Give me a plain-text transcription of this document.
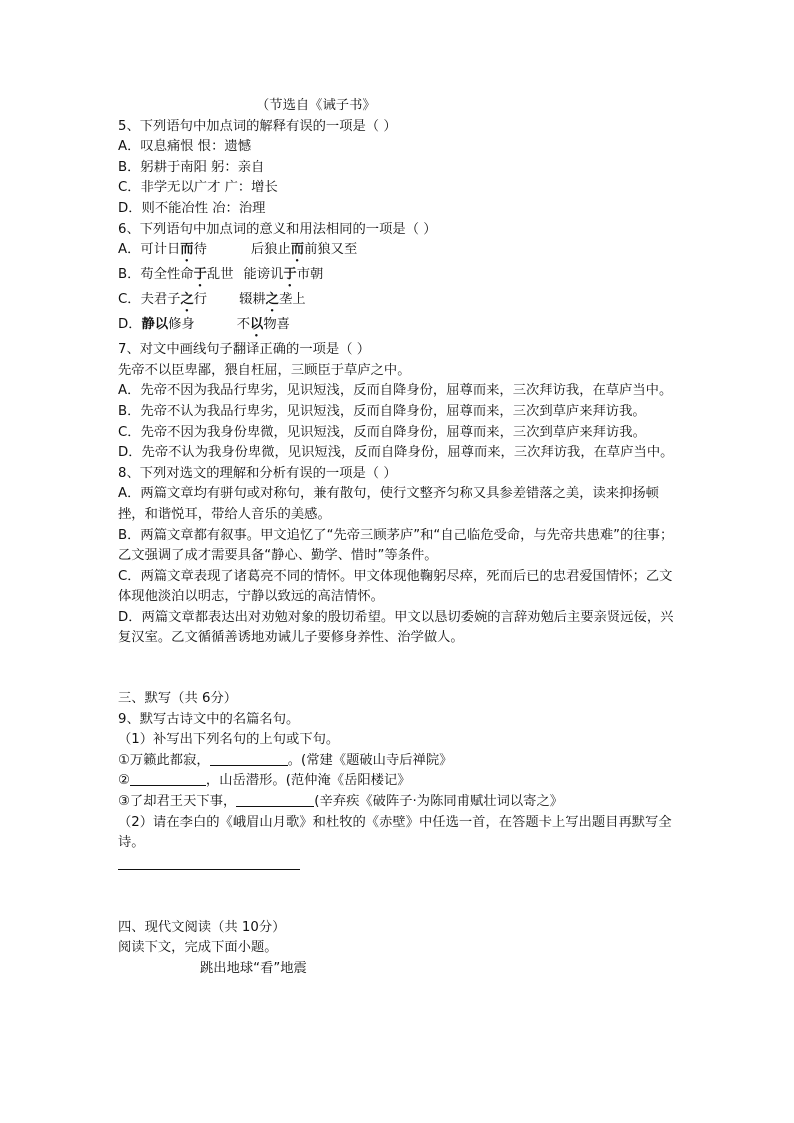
（节选自《诫子书》
5、下列语句中加点词的解释有误的一项是（ ）
A．叹息痛恨 恨：遗憾
B．躬耕于南阳 躬：亲自
C．非学无以广才 广：增长
D．则不能冶性 冶：治理
6、下列语句中加点词的意义和用法相同的一项是（ ）
A．可计日而待	后狼止而前狼又至
B．苟全性命于乱世 能谤讥于市朝
C．夫君子之行 辍耕之垄上
D．静以修身	不以物喜
7、对文中画线句子翻译正确的一项是（ ）
先帝不以臣卑鄙，猥自枉屈，三顾臣于草庐之中。
A．先帝不因为我品行卑劣，见识短浅，反而自降身份，屈尊而来，三次拜访我，在草庐当中。
B．先帝不认为我品行卑劣，见识短浅，反而自降身份，屈尊而来，三次到草庐来拜访我。
C．先帝不因为我身份卑微，见识短浅，反而自降身份，屈尊而来，三次到草庐来拜访我。
D．先帝不认为我身份卑微，见识短浅，反而自降身份，屈尊而来，三次拜访我，在草庐当中。
8、下列对选文的理解和分析有误的一项是（ ）
A．两篇文章均有骈句或对称句，兼有散句，使行文整齐匀称又具参差错落之美，读来抑扬顿挫，和谐悦耳，带给人音乐的美感。
B．两篇文章都有叙事。甲文追忆了“先帝三顾茅庐”和“自己临危受命，与先帝共患难”的往事；乙文强调了成才需要具备“静心、勤学、惜时”等条件。
C．两篇文章表现了诸葛亮不同的情怀。甲文体现他鞠躬尽瘁，死而后已的忠君爱国情怀；乙文体现他淡泊以明志，宁静以致远的高洁情怀。
D．两篇文章都表达出对劝勉对象的殷切希望。甲文以恳切委婉的言辞劝勉后主要亲贤远佞，兴复汉室。乙文循循善诱地劝诫儿子要修身养性、治学做人。
三、默写（共 6分）
9、默写古诗文中的名篇名句。
（1）补写出下列名句的上句或下句。
①万籁此都寂，	。(常建《题破山寺后禅院》
②	，山岳潜形。(范仲淹《岳阳楼记》
③了却君王天下事，	(辛弃疾《破阵子·为陈同甫赋壮词以寄之》
（2）请在李白的《峨眉山月歌》和杜牧的《赤壁》中任选一首，在答题卡上写出题目再默写全诗。
四、现代文阅读（共 10分）
阅读下文，完成下面小题。
跳出地球“看”地震
